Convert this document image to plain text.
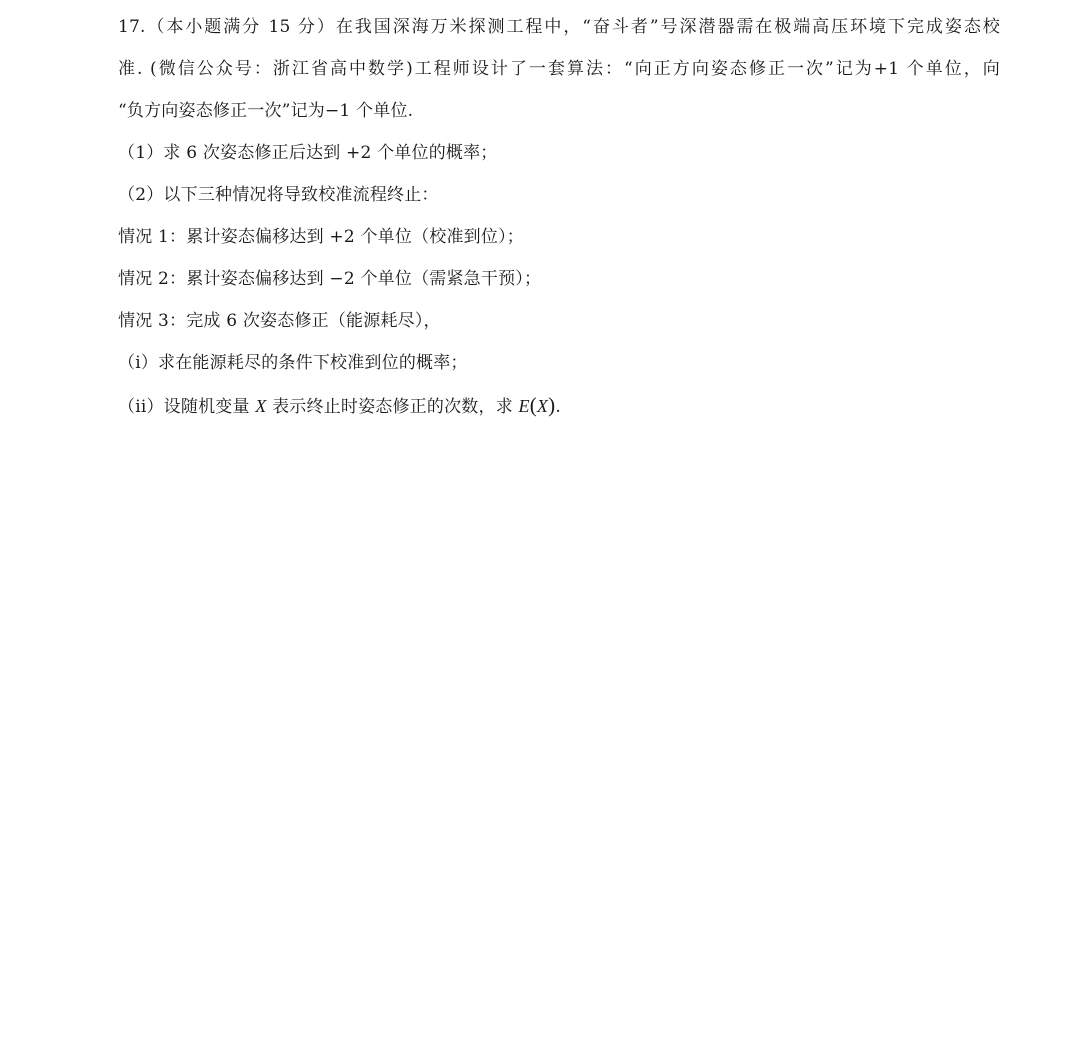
17.（本小题满分 15 分）在我国深海万米探测工程中，“奋斗者”号深潜器需在极端高压环境下完成姿态校
准. (微信公众号：浙江省高中数学)工程师设计了一套算法：“向正方向姿态修正一次”记为+1 个单位，向
“负方向姿态修正一次”记为−1 个单位.
（1）求 6 次姿态修正后达到 +2 个单位的概率；
（2）以下三种情况将导致校准流程终止：
情况 1：累计姿态偏移达到 +2 个单位（校准到位）；
情况 2：累计姿态偏移达到 −2 个单位（需紧急干预）；
情况 3：完成 6 次姿态修正（能源耗尽），
（i）求在能源耗尽的条件下校准到位的概率；
（ii）设随机变量 X 表示终止时姿态修正的次数，求 E(X).
